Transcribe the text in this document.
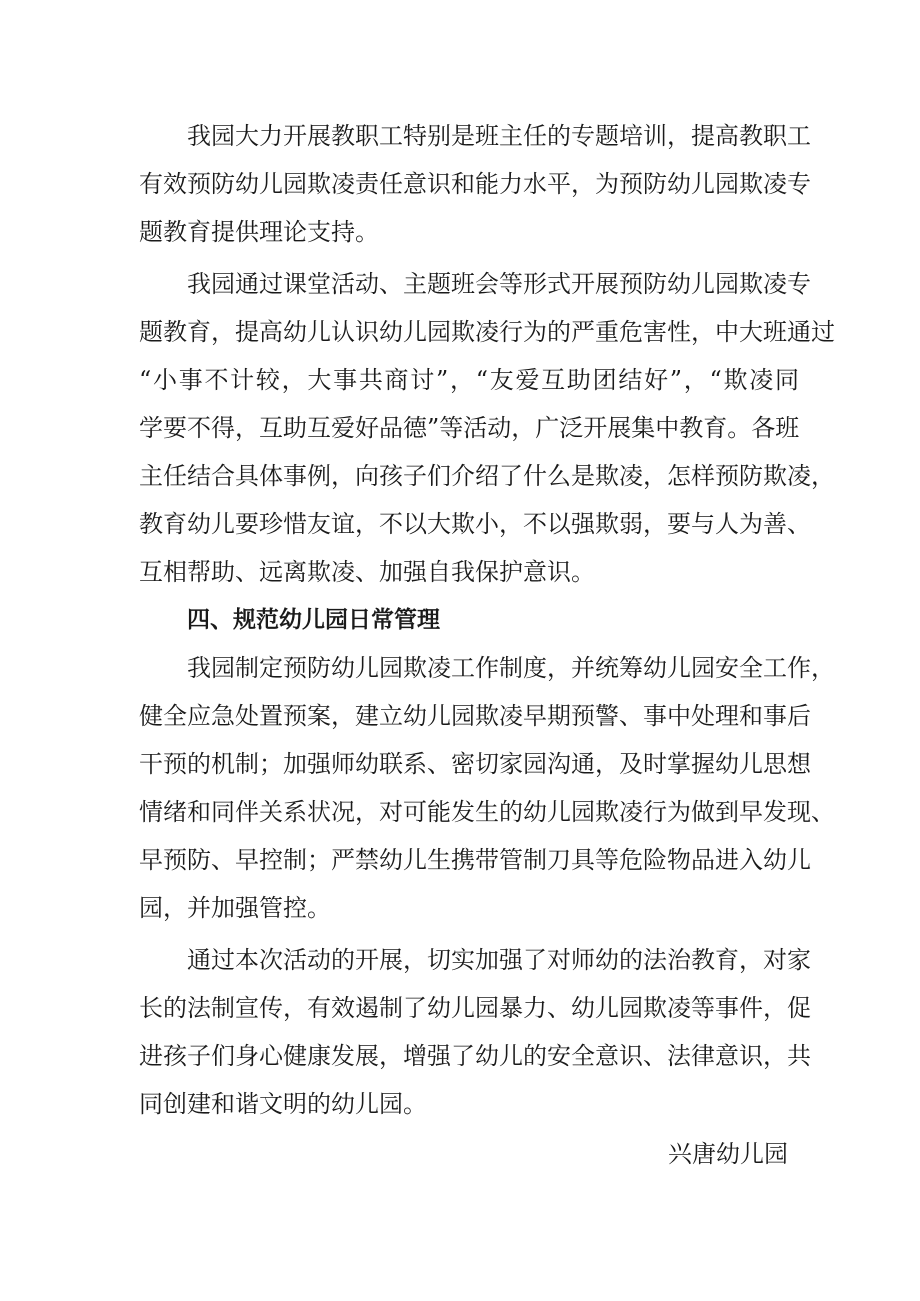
我园大力开展教职工特别是班主任的专题培训，提高教职工
有效预防幼儿园欺凌责任意识和能力水平，为预防幼儿园欺凌专
题教育提供理论支持。
我园通过课堂活动、主题班会等形式开展预防幼儿园欺凌专
题教育，提高幼儿认识幼儿园欺凌行为的严重危害性，中大班通过
“小事不计较，大事共商讨”，“友爱互助团结好”，“欺凌同
学要不得，互助互爱好品德”等活动，广泛开展集中教育。各班
主任结合具体事例，向孩子们介绍了什么是欺凌，怎样预防欺凌，
教育幼儿要珍惜友谊，不以大欺小，不以强欺弱，要与人为善、
互相帮助、远离欺凌、加强自我保护意识。
四、规范幼儿园日常管理
我园制定预防幼儿园欺凌工作制度，并统筹幼儿园安全工作，
健全应急处置预案，建立幼儿园欺凌早期预警、事中处理和事后
干预的机制；加强师幼联系、密切家园沟通，及时掌握幼儿思想
情绪和同伴关系状况，对可能发生的幼儿园欺凌行为做到早发现、
早预防、早控制；严禁幼儿生携带管制刀具等危险物品进入幼儿
园，并加强管控。
通过本次活动的开展，切实加强了对师幼的法治教育，对家
长的法制宣传，有效遏制了幼儿园暴力、幼儿园欺凌等事件，促
进孩子们身心健康发展，增强了幼儿的安全意识、法律意识，共
同创建和谐文明的幼儿园。
兴唐幼儿园
